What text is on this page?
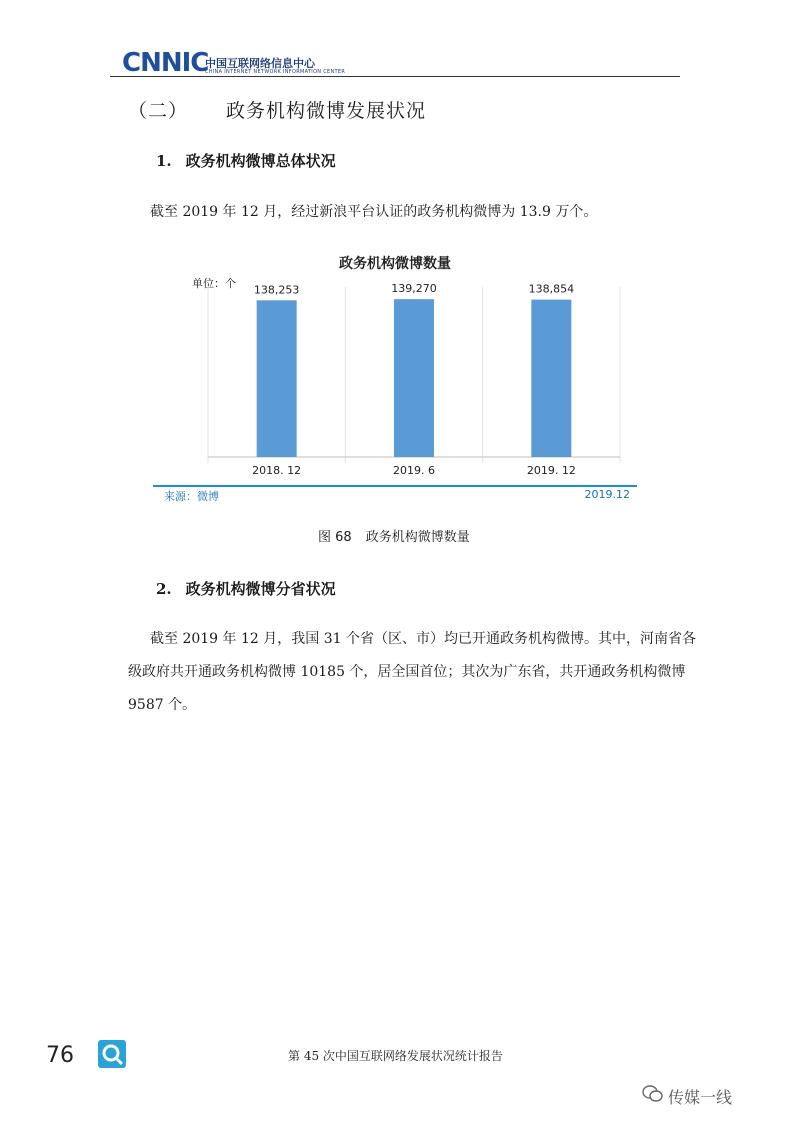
CNNIC
中国互联网络信息中心
CHINA INTERNET NETWORK INFORMATION CENTER
（二） 政务机构微博发展状况
1. 政务机构微博总体状况
截至 2019 年 12 月，经过新浪平台认证的政务机构微博为 13.9 万个。
政务机构微博数量
单位：个 138,253
2018. 12
139,270
2019. 6
138,854
2019. 12
来源：微博	2019.12
图 68 政务机构微博数量
2. 政务机构微博分省状况
截至 2019 年 12 月，我国 31 个省（区、市）均已开通政务机构微博。其中，河南省各
级政府共开通政务机构微博 10185 个，居全国首位；其次为广东省，共开通政务机构微博
9587 个。
76	第 45 次中国互联网络发展状况统计报告
传媒一线
